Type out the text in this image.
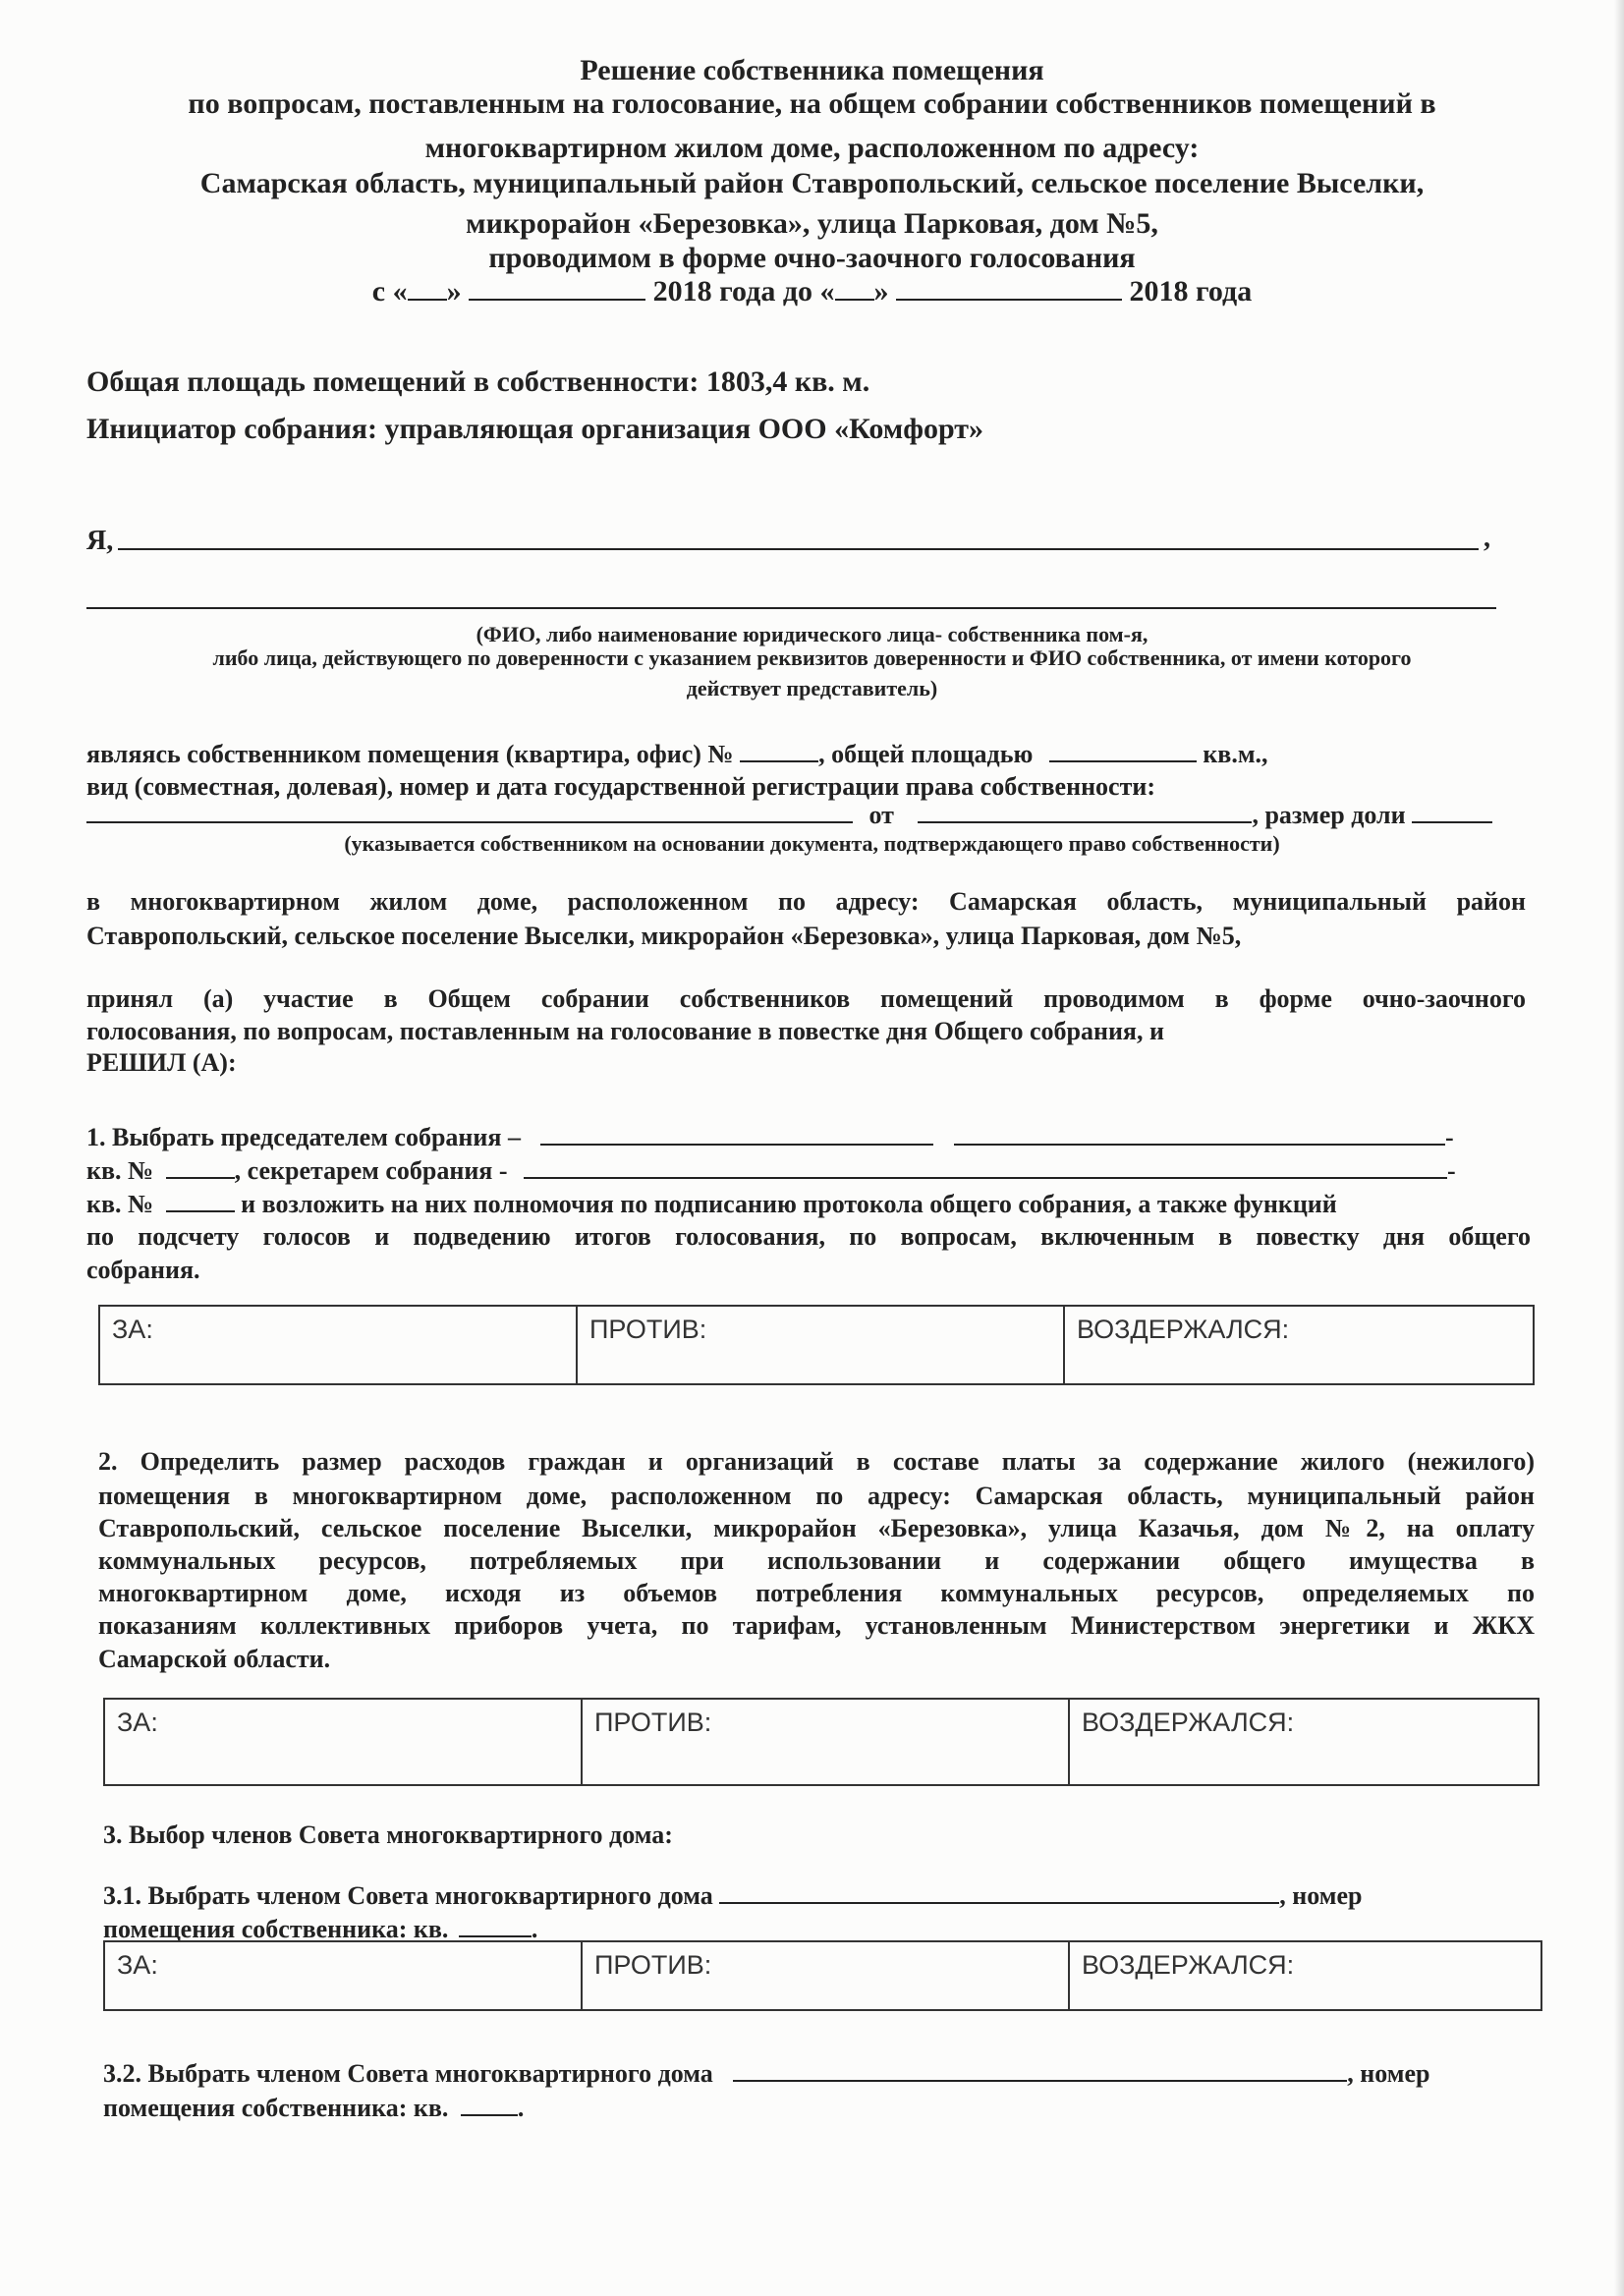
Решение собственника помещения
по вопросам, поставленным на голосование, на общем собрании собственников помещений в
многоквартирном жилом доме, расположенном по адресу:
Самарская область, муниципальный район Ставропольский, сельское поселение Выселки,
микрорайон «Березовка», улица Парковая, дом №5,
проводимом в форме очно-заочного голосования
с « »	2018 года до « »	2018 года
Общая площадь помещений в собственности: 1803,4 кв. м.
Инициатор собрания: управляющая организация ООО «Комфорт»
Я,	,
(ФИО, либо наименование юридического лица- собственника пом-я,
либо лица, действующего по доверенности с указанием реквизитов доверенности и ФИО собственника, от имени которого
действует представитель)
являясь собственником помещения (квартира, офис) №	, общей площадью	кв.м.,
вид (совместная, долевая), номер и дата государственной регистрации права собственности:
от	, размер доли
(указывается собственником на основании документа, подтверждающего право собственности)
в многоквартирном жилом доме, расположенном по адресу: Самарская область, муниципальный район
Ставропольский, сельское поселение Выселки, микрорайон «Березовка», улица Парковая, дом №5,
принял (а) участие в Общем собрании собственников помещений проводимом в форме очно-заочного
голосования, по вопросам, поставленным на голосование в повестке дня Общего собрания, и
РЕШИЛ (А):
1. Выбрать председателем собрания –	-
кв. №	, секретарем собрания -	-
кв. №	и возложить на них полномочия по подписанию протокола общего собрания, а также функций
по подсчету голосов и подведению итогов голосования, по вопросам, включенным в повестку дня общего
собрания.
ЗА:	ПРОТИВ:	ВОЗДЕРЖАЛСЯ:
2. Определить размер расходов граждан и организаций в составе платы за содержание жилого (нежилого)
помещения в многоквартирном доме, расположенном по адресу: Самарская область, муниципальный район
Ставропольский, сельское поселение Выселки, микрорайон «Березовка», улица Казачья, дом №2, на оплату
коммунальных ресурсов, потребляемых при использовании и содержании общего имущества в
многоквартирном доме, исходя из объемов потребления коммунальных ресурсов, определяемых по
показаниям коллективных приборов учета, по тарифам, установленным Министерством энергетики и ЖКХ
Самарской области.
ЗА:	ПРОТИВ:	ВОЗДЕРЖАЛСЯ:
3. Выбор членов Совета многоквартирного дома:
3.1. Выбрать членом Совета многоквартирного дома	, номер
помещения собственника: кв.	.
ЗА:	ПРОТИВ:	ВОЗДЕРЖАЛСЯ:
3.2. Выбрать членом Совета многоквартирного дома	, номер
помещения собственника: кв.	.
